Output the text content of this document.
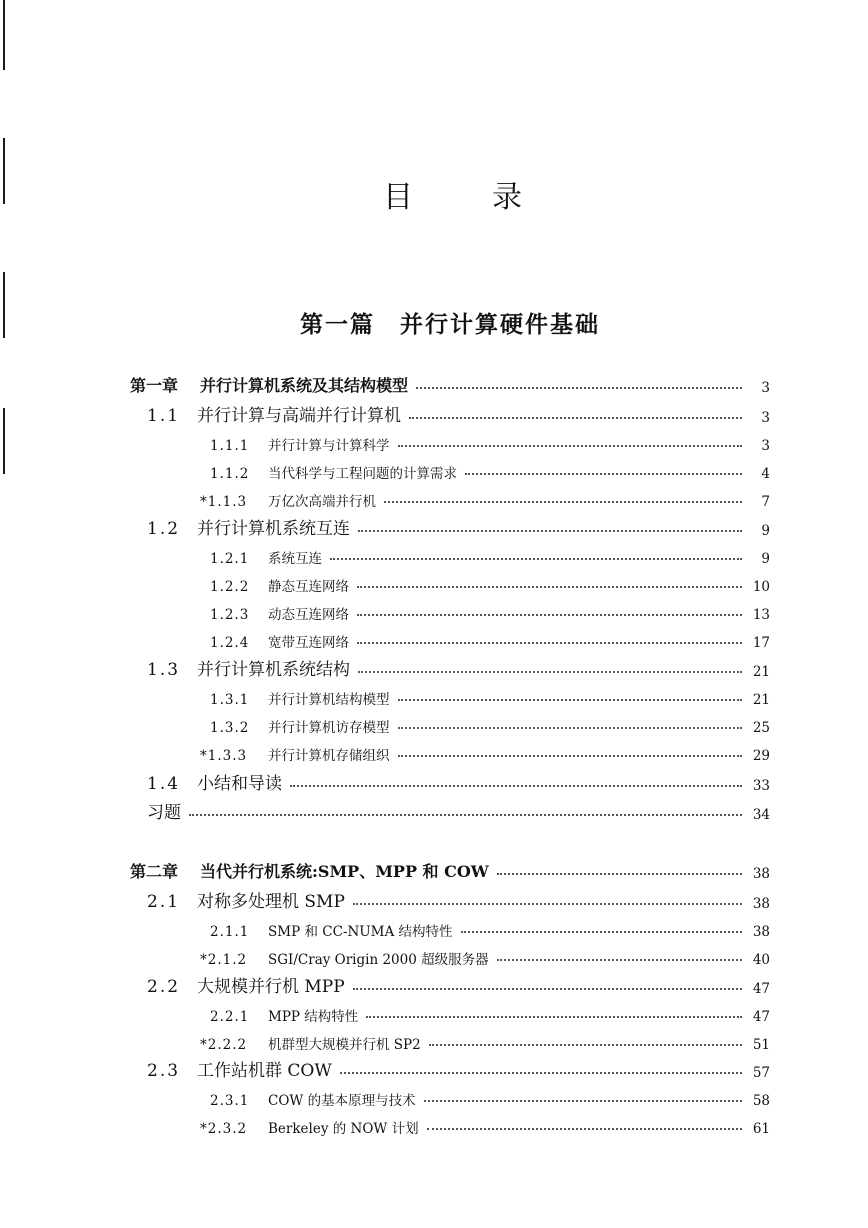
目	录
第一篇　并行计算硬件基础
第一章	并行计算机系统及其结构模型	3
1.1 并行计算与高端并行计算机	3
1.1.1	并行计算与计算科学	3
1.1.2	当代科学与工程问题的计算需求	4
*1.1.3	万亿次高端并行机	7
1.2 并行计算机系统互连	9
1.2.1	系统互连	9
1.2.2	静态互连网络	10
1.2.3	动态互连网络	13
1.2.4	宽带互连网络	17
1.3 并行计算机系统结构	21
1.3.1	并行计算机结构模型	21
1.3.2	并行计算机访存模型	25
*1.3.3	并行计算机存储组织	29
1.4 小结和导读	33
习题	34
第二章	当代并行机系统:SMP、MPP 和 COW	38
2.1 对称多处理机 SMP	38
2.1.1	SMP 和 CC-NUMA 结构特性	38
*2.1.2	SGI/Cray Origin 2000 超级服务器	40
2.2 大规模并行机 MPP	47
2.2.1	MPP 结构特性	47
*2.2.2	机群型大规模并行机 SP2	51
2.3 工作站机群 COW	57
2.3.1	COW 的基本原理与技术	58
*2.3.2	Berkeley 的 NOW 计划	61
